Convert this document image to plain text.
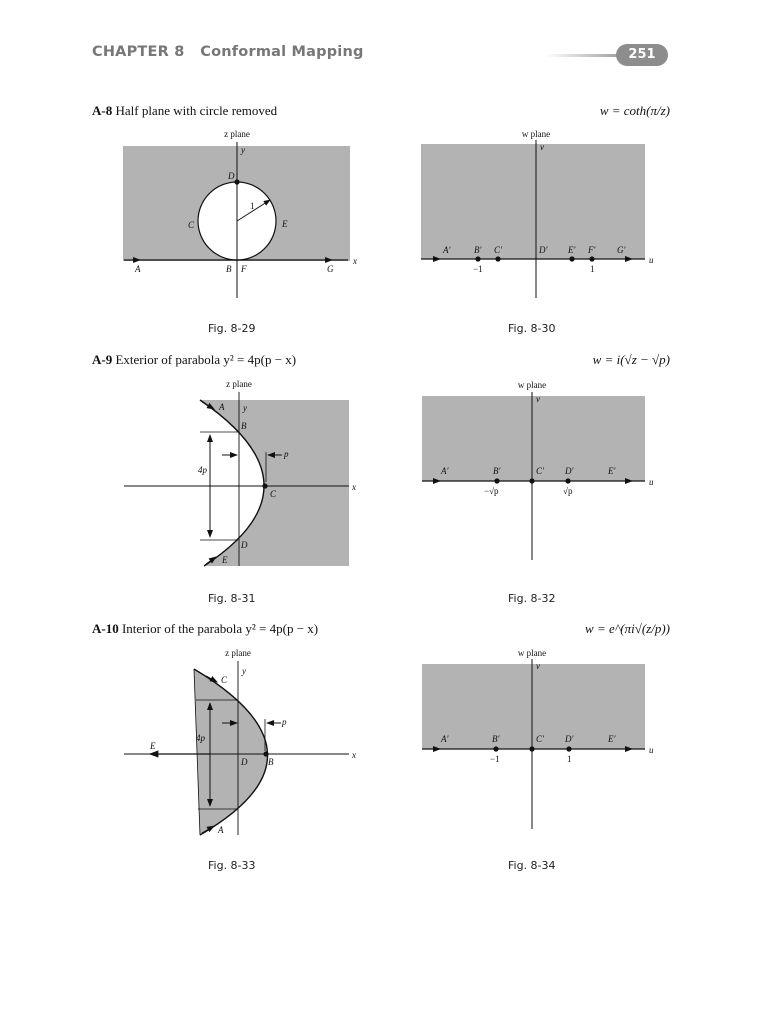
CHAPTER 8   Conformal Mapping	251
A-8 Half plane with circle removed	w = coth(π/z)
z plane
y
x
A	B F	G
C
D
E
1
Fig. 8-29
w plane
v
u
A′	B′ C′	D′ E′ F′ G′
−1	1
Fig. 8-30
A-9 Exterior of parabola y² = 4p(p − x)	w = i(√z − √p)
z plane
y
x
A
B
C
D
E
p
4p
Fig. 8-31
w plane
v
u
A′	B′	C′ D′	E′
−√p	√p
Fig. 8-32
A-10 Interior of the parabola y² = 4p(p − x)	w = e^(πi√(z/p))
z plane
y
x
C
D B
E
A
p
4p
Fig. 8-33
w plane
v
u
A′	B′	C′ D′	E′
−1	1
Fig. 8-34
